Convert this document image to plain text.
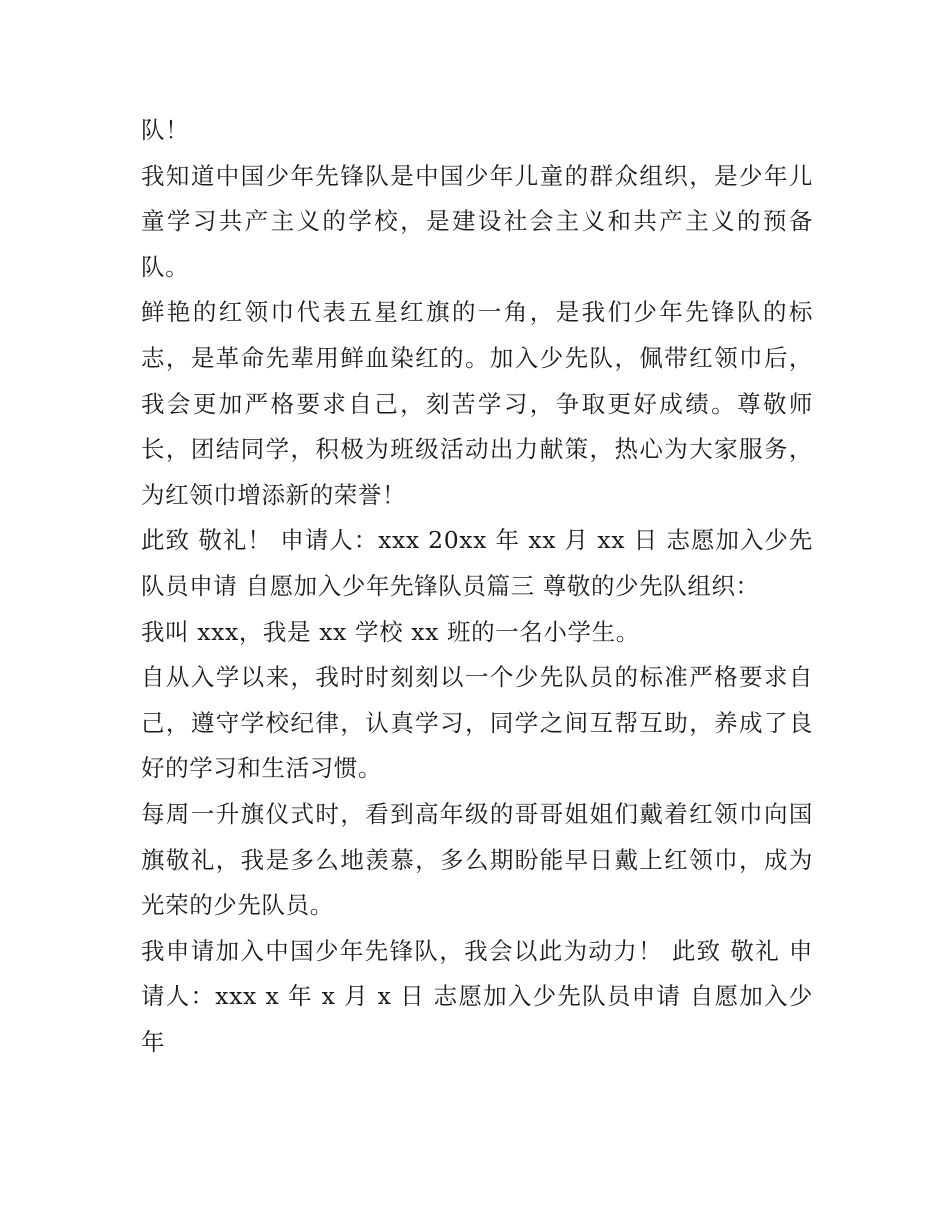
队！

我知道中国少年先锋队是中国少年儿童的群众组织，是少年儿童学习共产主义的学校，是建设社会主义和共产主义的预备队。

鲜艳的红领巾代表五星红旗的一角，是我们少年先锋队的标志，是革命先辈用鲜血染红的。加入少先队，佩带红领巾后，我会更加严格要求自己，刻苦学习，争取更好成绩。尊敬师长，团结同学，积极为班级活动出力献策，热心为大家服务，为红领巾增添新的荣誉！

此致 敬礼！ 申请人：xxx 20xx 年 xx 月 xx 日 志愿加入少先队员申请 自愿加入少年先锋队员篇三 尊敬的少先队组织：

我叫 xxx，我是 xx 学校 xx 班的一名小学生。

自从入学以来，我时时刻刻以一个少先队员的标准严格要求自己，遵守学校纪律，认真学习，同学之间互帮互助，养成了良好的学习和生活习惯。

每周一升旗仪式时，看到高年级的哥哥姐姐们戴着红领巾向国旗敬礼，我是多么地羡慕，多么期盼能早日戴上红领巾，成为光荣的少先队员。

我申请加入中国少年先锋队，我会以此为动力！ 此致 敬礼 申请人：xxx x 年 x 月 x 日 志愿加入少先队员申请 自愿加入少年
